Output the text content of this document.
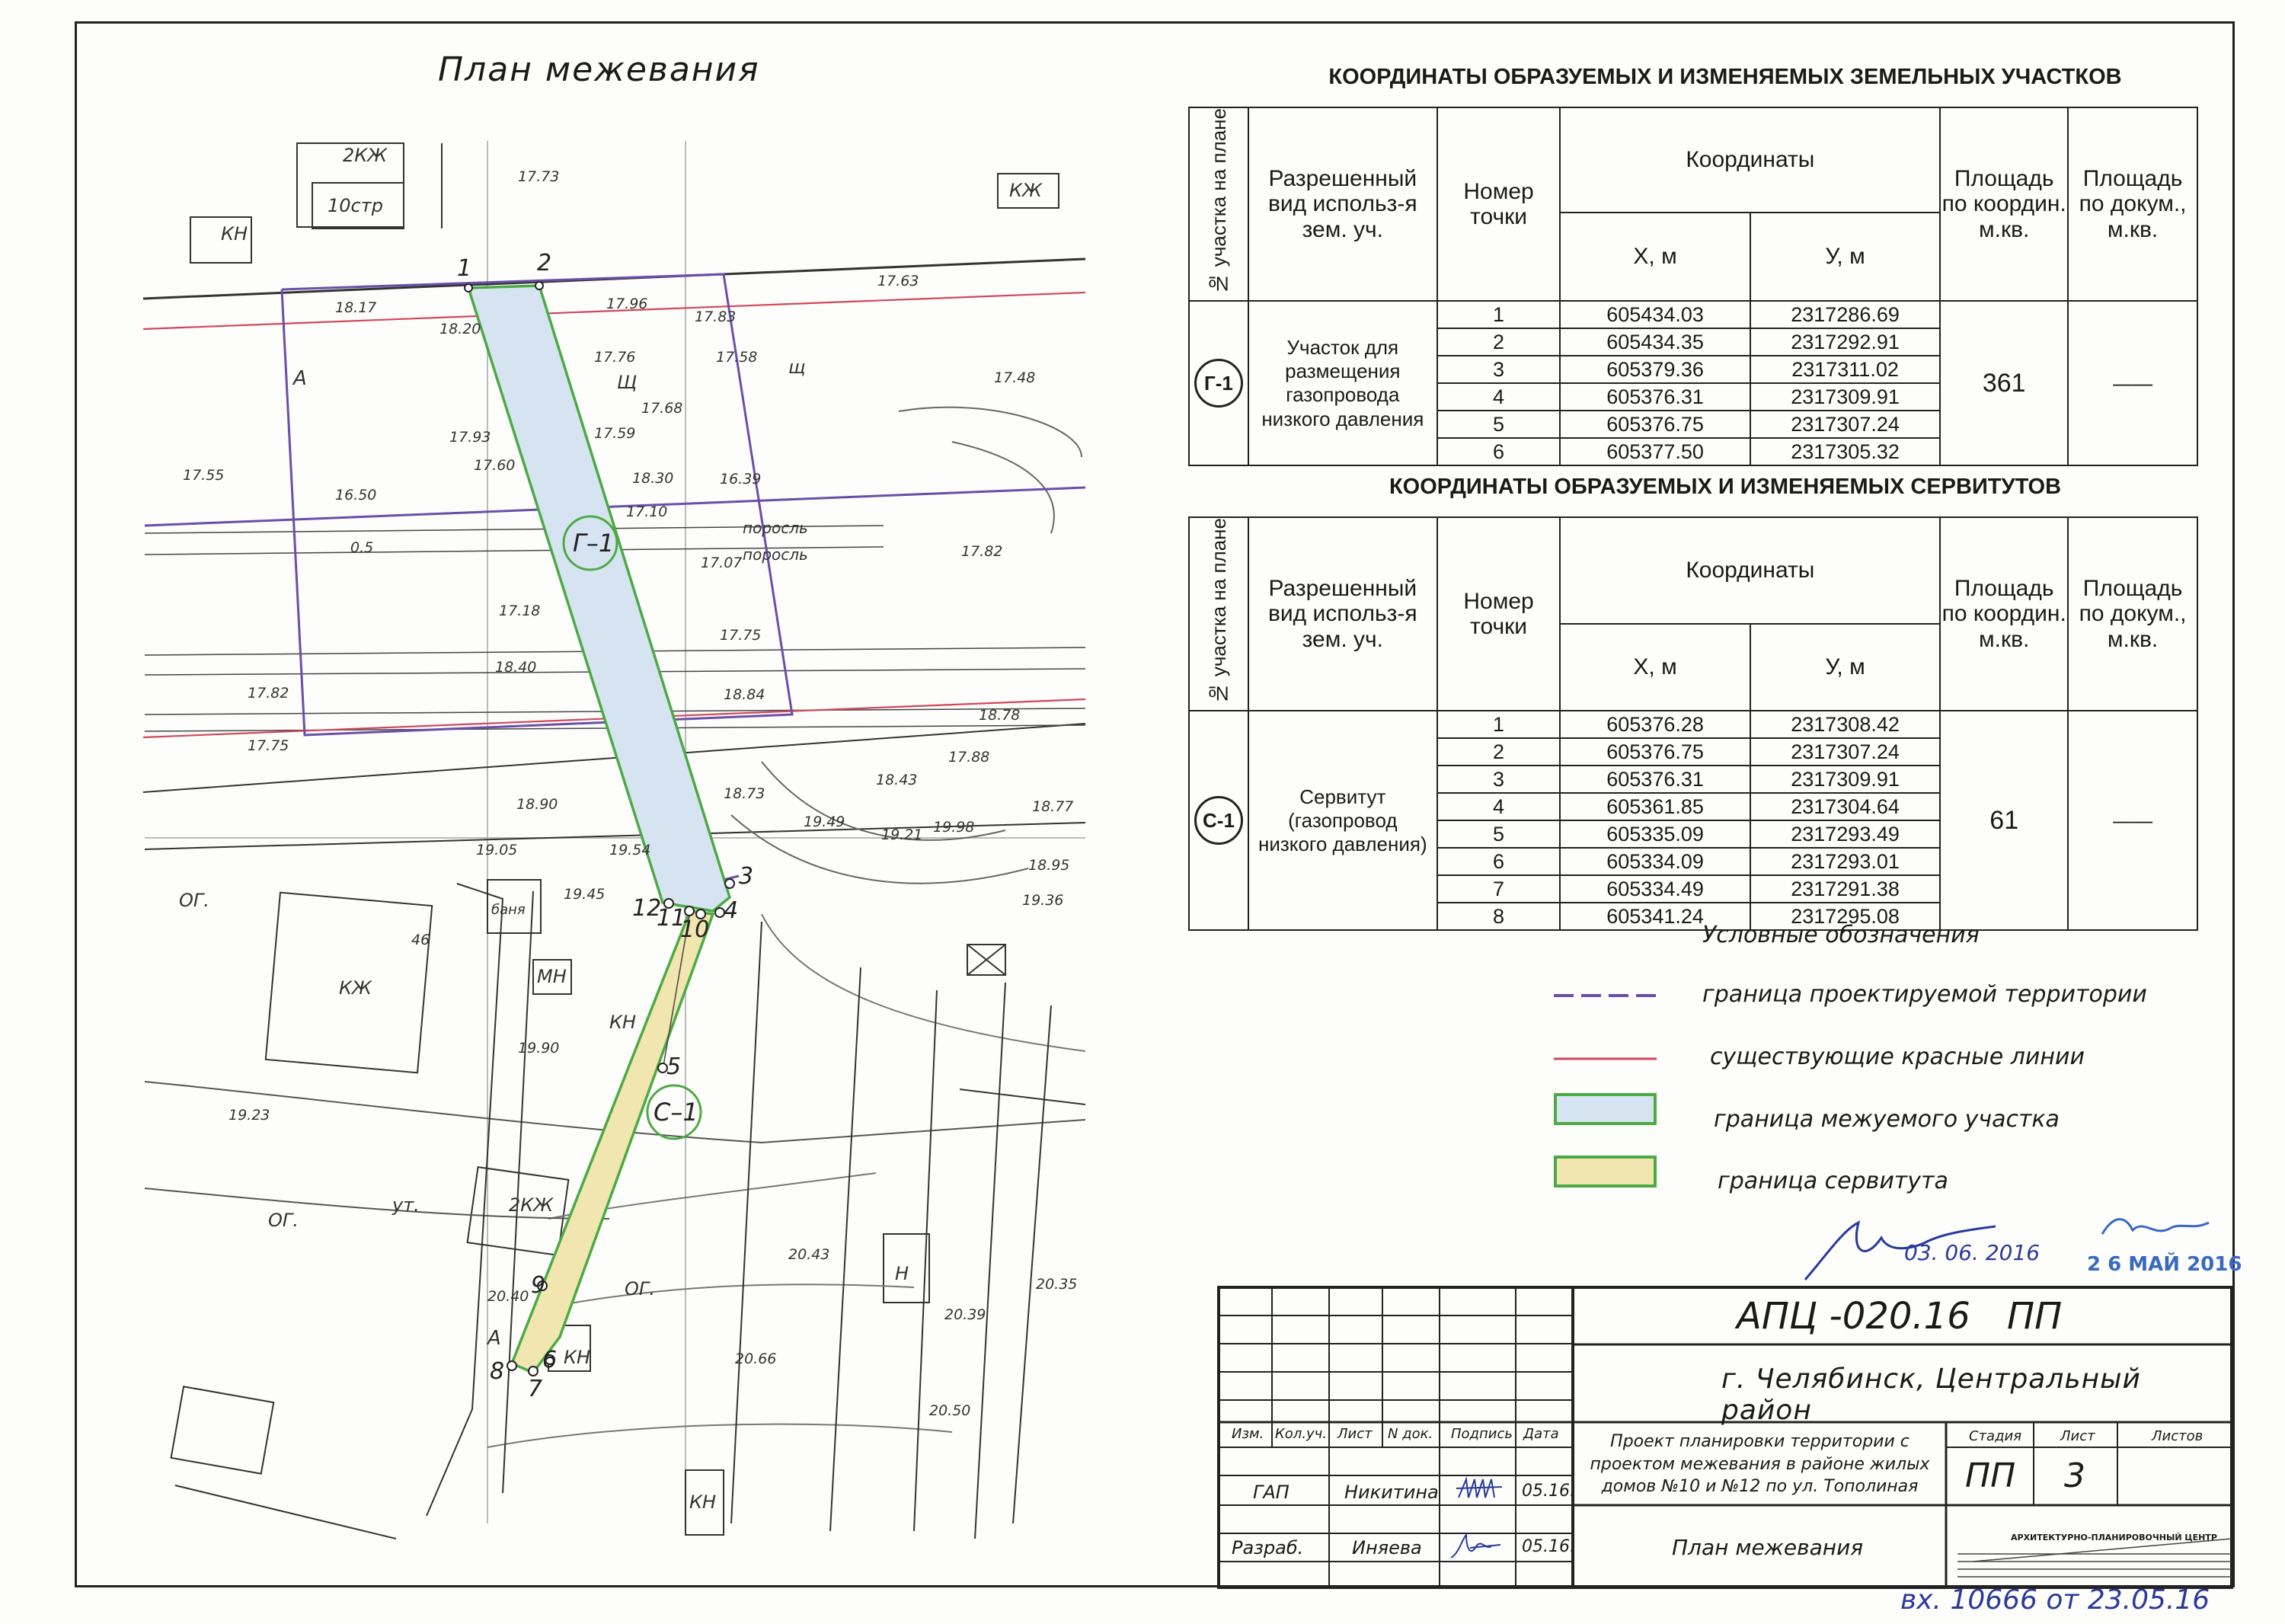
План межевания
Г–1
С–1
1	2
3
4
5
6
7
8
9
10
11
12
2КЖ
10стр
КН
КЖ
КЖ
МН
КН
баня
2КЖ
КН
КН
Н
ОГ.
ОГ.
ОГ.
А
А
Щ
щ
поросль
поросль
ут.
17.73
18.17
18.20
17.96
17.83
17.63
17.76	17.58
17.48
17.68
17.93	17.59
17.60
17.55
16.50
18.30	16.39
17.10
17.07
17.82
17.18
17.75
18.40
18.84
17.82
17.75
18.78
17.88
18.43
18.73
18.90
19.05	19.54
19.49
19.21 19.98
18.77
18.95
19.36
19.45
19.90
19.23
20.43
20.35
20.40
20.39
20.66
20.50
46
0.5
КООРДИНАТЫ ОБРАЗУЕМЫХ И ИЗМЕНЯЕМЫХ ЗЕМЕЛЬНЫХ УЧАСТКОВ
№ участка на плане	Разрешенный вид использ-я зем. уч.	Номер точки	Координаты		Площадь по координ. м.кв.	Площадь по докум., м.кв.
			Х, м	У, м		
Г-1	Участок для размещения газопровода низкого давления	1	605434.03	2317286.69	361	——
		2	605434.35	2317292.91		
		3	605379.36	2317311.02		
		4	605376.31	2317309.91		
		5	605376.75	2317307.24		
		6	605377.50	2317305.32		
КООРДИНАТЫ ОБРАЗУЕМЫХ И ИЗМЕНЯЕМЫХ СЕРВИТУТОВ
№ участка на плане	Разрешенный вид использ-я зем. уч.	Номер точки	Координаты		Площадь по координ. м.кв.	Площадь по докум., м.кв.
			Х, м	У, м		
С-1	Сервитут (газопровод низкого давления)	1	605376.28	2317308.42	61	——
		2	605376.75	2317307.24		
		3	605376.31	2317309.91		
		4	605361.85	2317304.64		
		5	605335.09	2317293.49		
		6	605334.09	2317293.01		
		7	605334.49	2317291.38		
		8	605341.24	2317295.08		
Условные обозначения
граница проектируемой территории
существующие красные линии
граница межуемого участка
граница сервитута
03. 06. 2016 2 6 МАЙ 2016
вх. 10666 от 23.05.16
АПЦ -020.16 ПП
г. Челябинск, Центральный район
Изм. Кол.уч. Лист N док. Подпись Дата
ГАП	Никитина	05.16.
Разраб.	Иняева	05.16.
Проект планировки территории с проектом межевания в районе жилых домов №10 и №12 по ул. Тополиная
Стадия	Лист	Листов
ПП 3
План межевания	АРХИТЕКТУРНО-ПЛАНИРОВОЧНЫЙ ЦЕНТР
